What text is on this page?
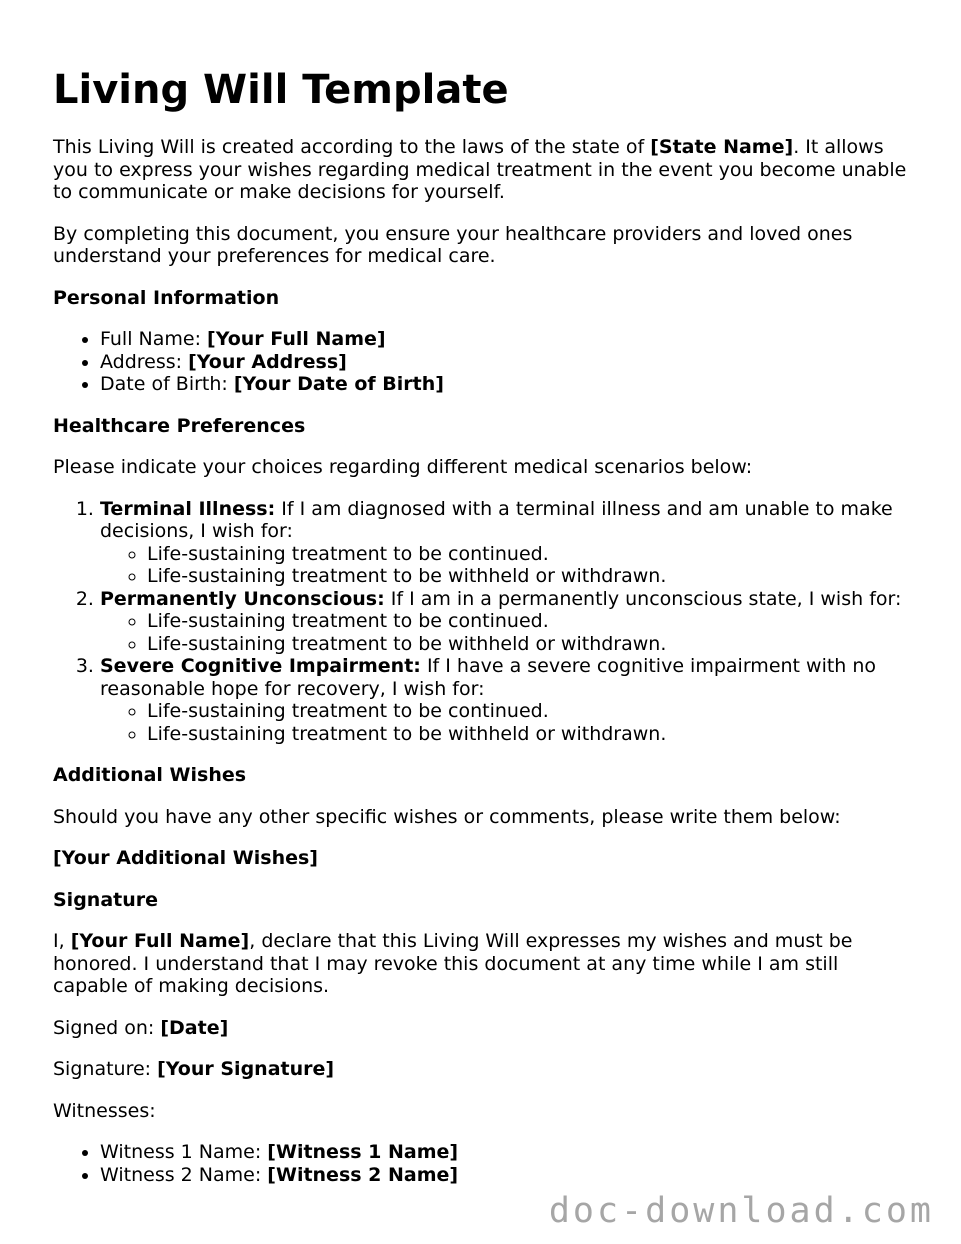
Living Will Template

This Living Will is created according to the laws of the state of [State Name]. It allows you to express your wishes regarding medical treatment in the event you become unable to communicate or make decisions for yourself.

By completing this document, you ensure your healthcare providers and loved ones understand your preferences for medical care.

Personal Information
• Full Name: [Your Full Name]
• Address: [Your Address]
• Date of Birth: [Your Date of Birth]
Healthcare Preferences

Please indicate your choices regarding different medical scenarios below:

1. Terminal Illness: If I am diagnosed with a terminal illness and am unable to make decisions, I wish for:
◦ Life-sustaining treatment to be continued.
◦ Life-sustaining treatment to be withheld or withdrawn.
2. Permanently Unconscious: If I am in a permanently unconscious state, I wish for:
◦ Life-sustaining treatment to be continued.
◦ Life-sustaining treatment to be withheld or withdrawn.
3. Severe Cognitive Impairment: If I have a severe cognitive impairment with no reasonable hope for recovery, I wish for:
◦ Life-sustaining treatment to be continued.
◦ Life-sustaining treatment to be withheld or withdrawn.
Additional Wishes

Should you have any other specific wishes or comments, please write them below:

[Your Additional Wishes]

Signature

I, [Your Full Name], declare that this Living Will expresses my wishes and must be honored. I understand that I may revoke this document at any time while I am still capable of making decisions.

Signed on: [Date]

Signature: [Your Signature]

Witnesses:

• Witness 1 Name: [Witness 1 Name]
• Witness 2 Name: [Witness 2 Name]
doc-download.com
